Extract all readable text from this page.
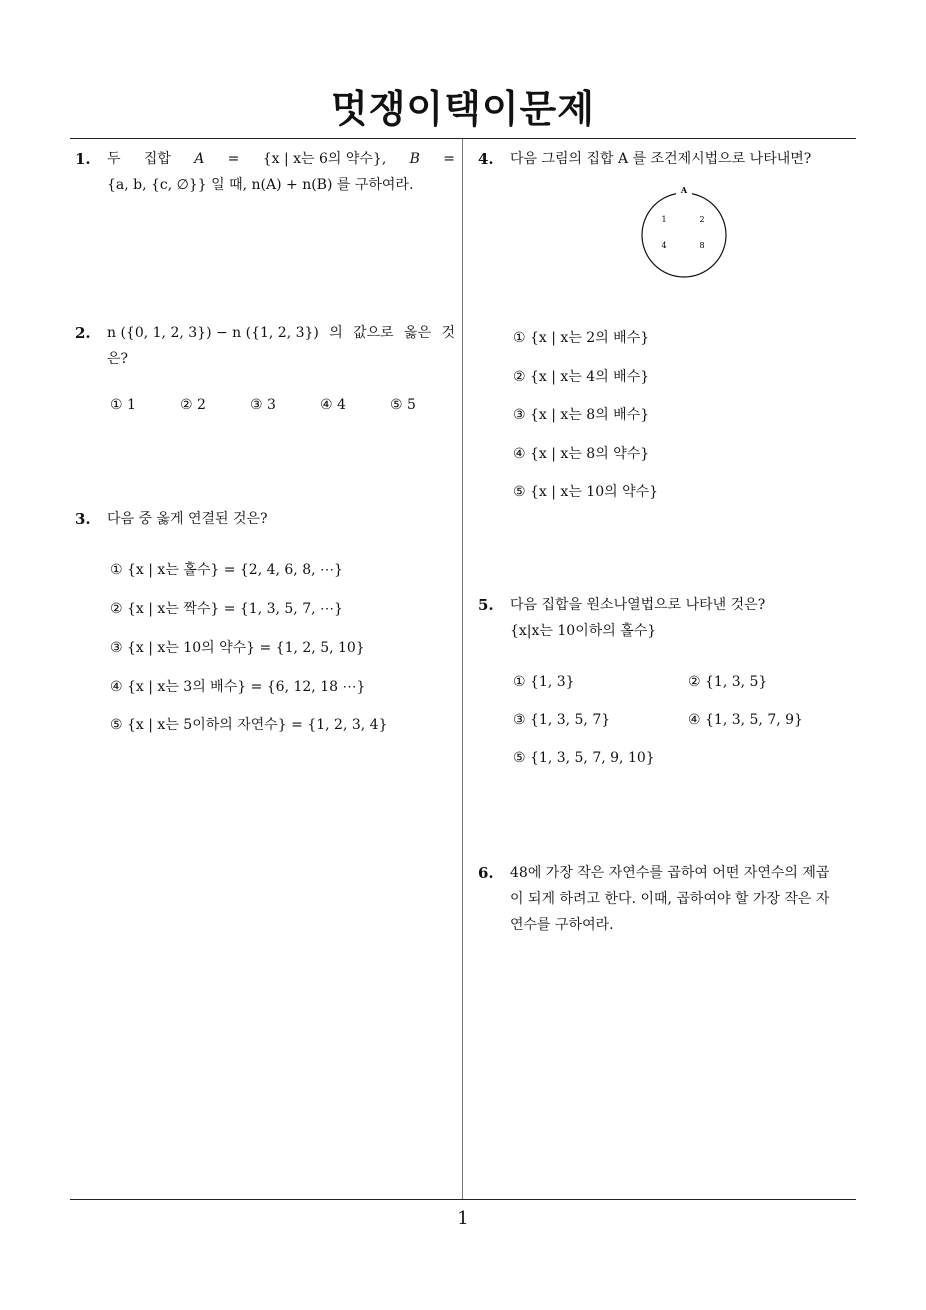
멋쟁이택이문제
1
1. 두 집합 A = {x | x는 6의 약수}, B =
{a, b, {c, ∅}} 일 때, n(A) + n(B) 를 구하여라.
2. n ({0, 1, 2, 3}) − n ({1, 2, 3}) 의 값으로 옳은 것
은?
① 1	② 2	③ 3	④ 4	⑤ 5
3. 다음 중 옳게 연결된 것은?
① {x | x는 홀수} = {2, 4, 6, 8, ⋯}
② {x | x는 짝수} = {1, 3, 5, 7, ⋯}
③ {x | x는 10의 약수} = {1, 2, 5, 10}
④ {x | x는 3의 배수} = {6, 12, 18 ⋯}
⑤ {x | x는 5이하의 자연수} = {1, 2, 3, 4}
4. 다음 그림의 집합 A 를 조건제시법으로 나타내면?
A
1	2
4	8
① {x | x는 2의 배수}
② {x | x는 4의 배수}
③ {x | x는 8의 배수}
④ {x | x는 8의 약수}
⑤ {x | x는 10의 약수}
5. 다음 집합을 원소나열법으로 나타낸 것은?
{x|x는 10이하의 홀수}
① {1, 3}	② {1, 3, 5}
③ {1, 3, 5, 7}	④ {1, 3, 5, 7, 9}
⑤ {1, 3, 5, 7, 9, 10}
6. 48에 가장 작은 자연수를 곱하여 어떤 자연수의 제곱
이 되게 하려고 한다. 이때, 곱하여야 할 가장 작은 자
연수를 구하여라.
